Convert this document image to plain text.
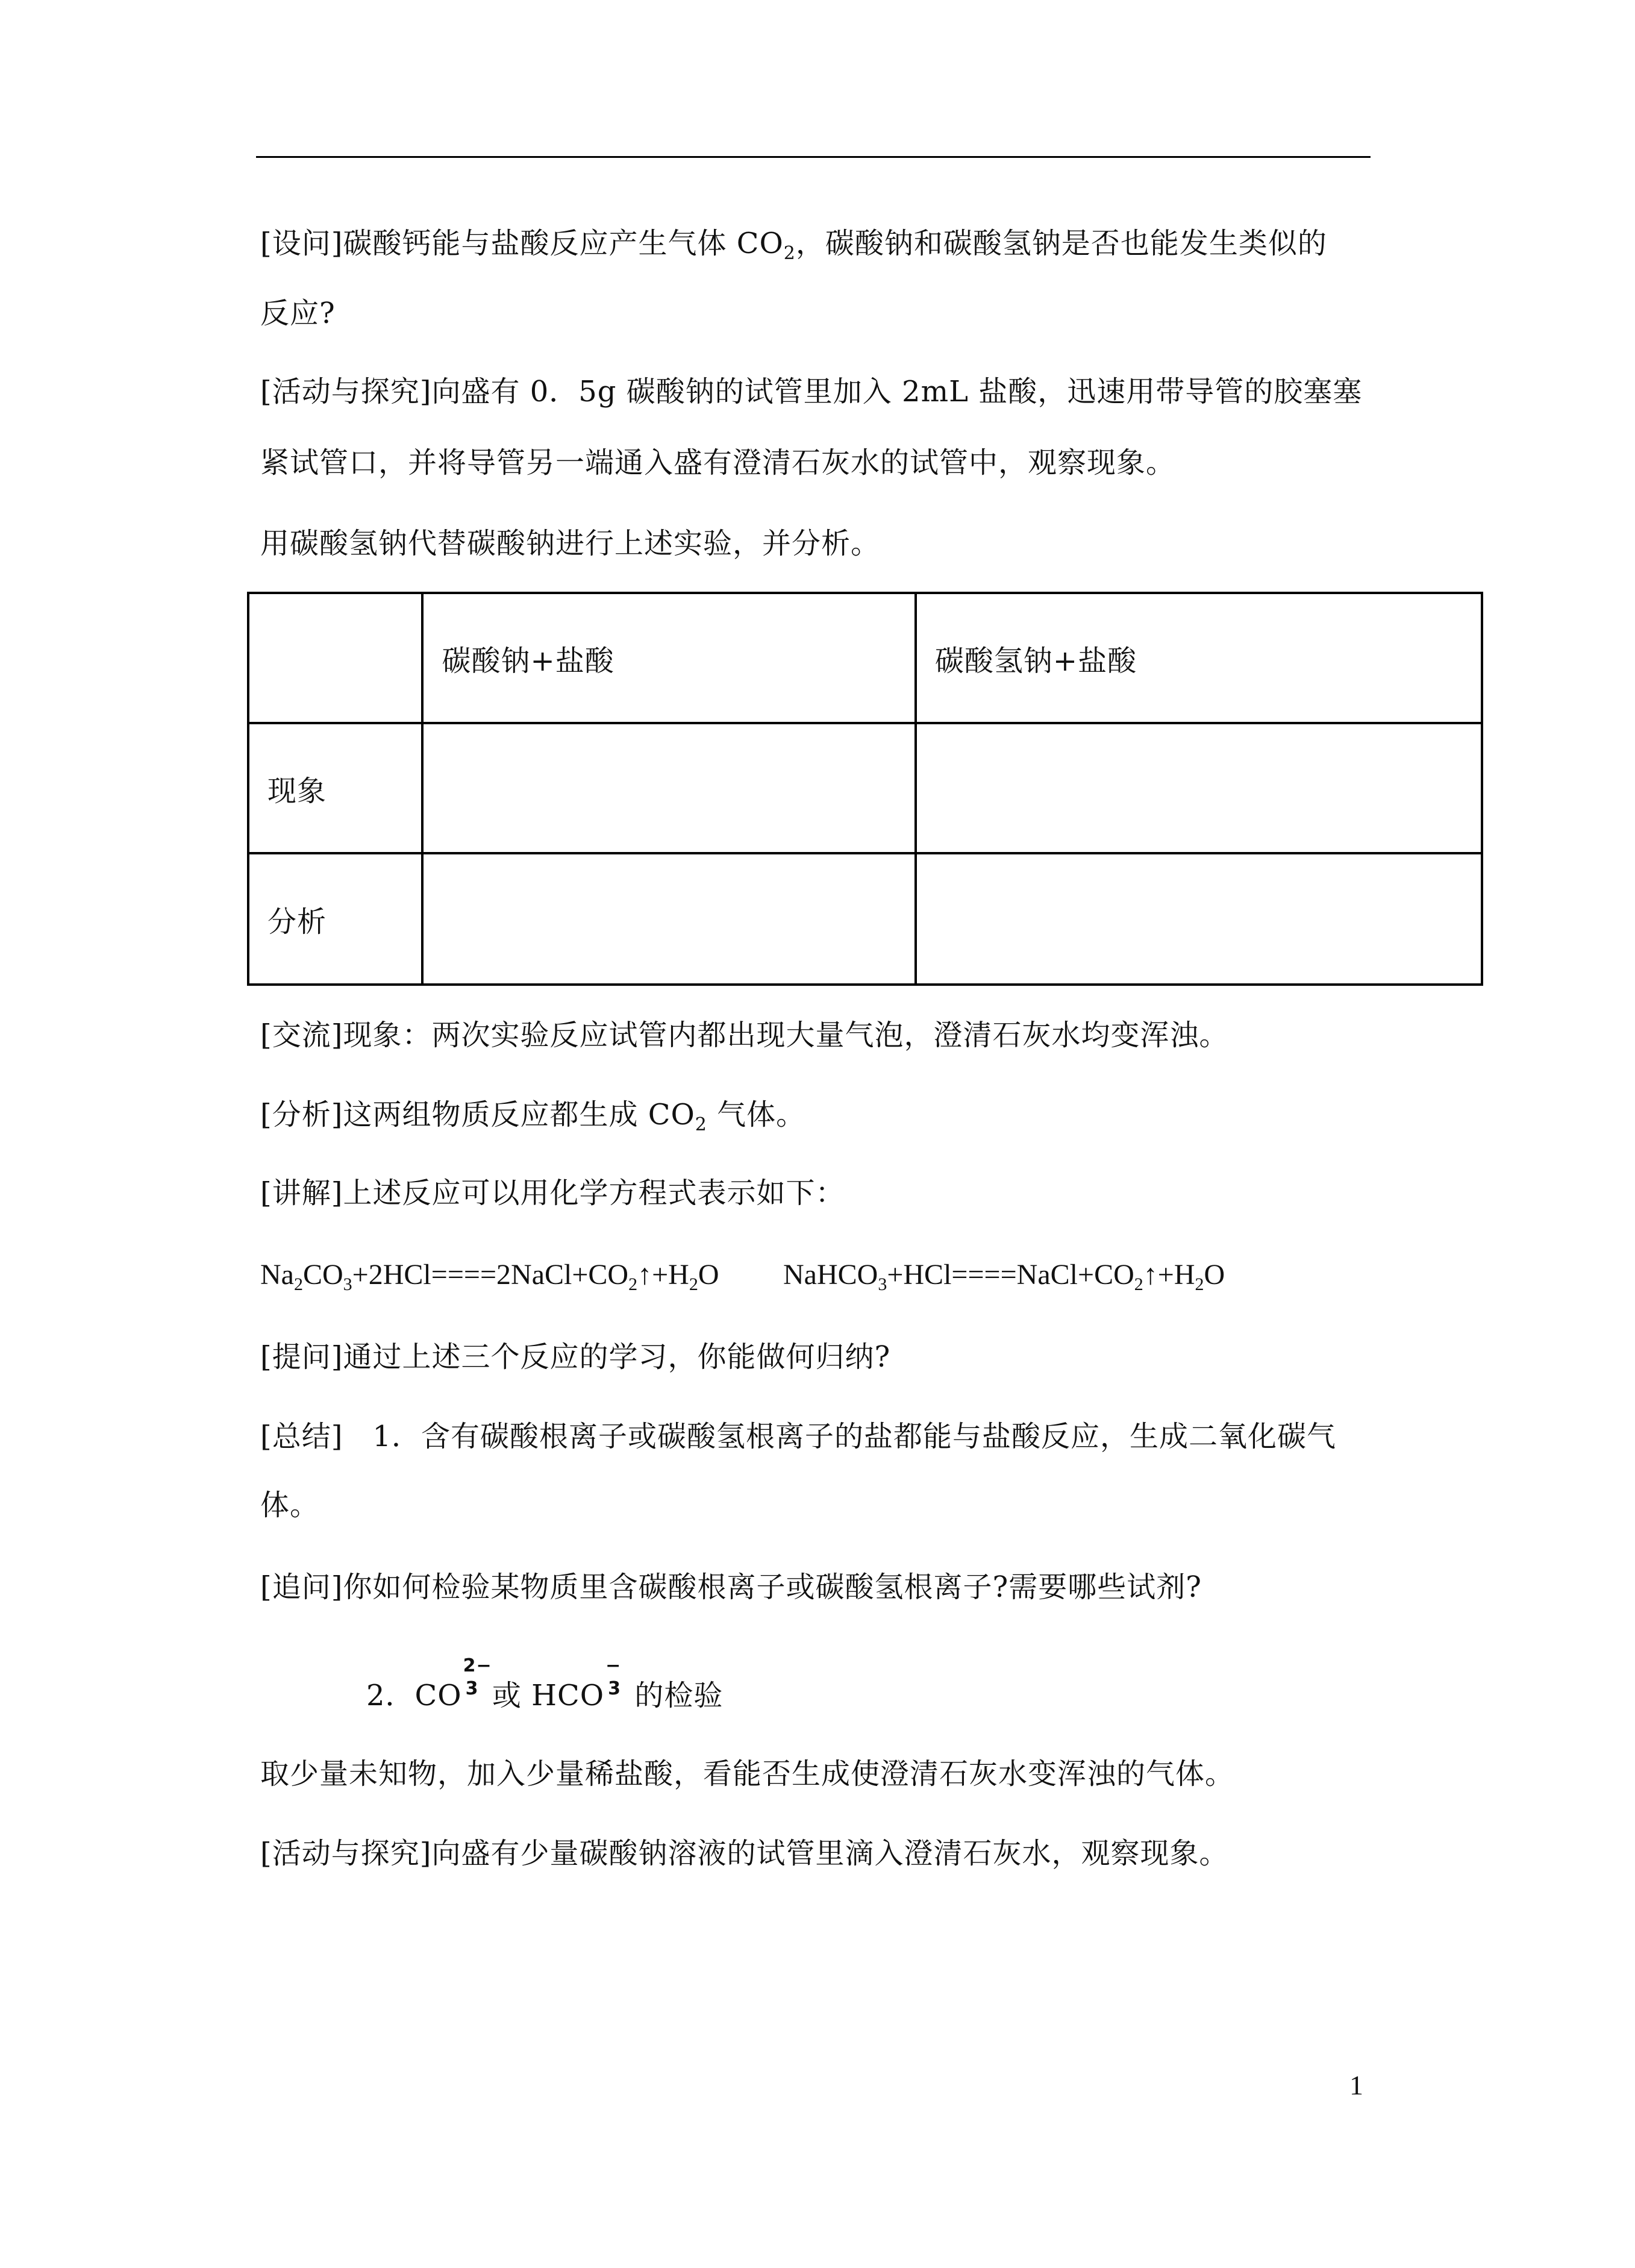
[设问]碳酸钙能与盐酸反应产生气体 $CO_2$，碳酸钠和碳酸氢钠是否也能发生类似的
反应?
[活动与探究]向盛有 0．5g 碳酸钠的试管里加入 2mL 盐酸，迅速用带导管的胶塞塞
紧试管口，并将导管另一端通入盛有澄清石灰水的试管中，观察现象。
用碳酸氢钠代替碳酸钠进行上述实验，并分析。
	碳酸钠+盐酸	碳酸氢钠+盐酸
现象		
分析		
[交流]现象：两次实验反应试管内都出现大量气泡，澄清石灰水均变浑浊。
[分析]这两组物质反应都生成 $CO_2$ 气体。
[讲解]上述反应可以用化学方程式表示如下：
$Na_2CO_3+2HCl====2NaCl+CO_2↑+H_2O$ $NaHCO_3+HCl====NaCl+CO_2↑+H_2O$
[提问]通过上述三个反应的学习，你能做何归纳?
[总结]　1．含有碳酸根离子或碳酸氢根离子的盐都能与盐酸反应，生成二氧化碳气
体。
[追问]你如何检验某物质里含碳酸根离子或碳酸氢根离子?需要哪些试剂?
2．CO
2−
3 或 HCO
−
3 的检验
取少量未知物，加入少量稀盐酸，看能否生成使澄清石灰水变浑浊的气体。
[活动与探究]向盛有少量碳酸钠溶液的试管里滴入澄清石灰水，观察现象。
1
